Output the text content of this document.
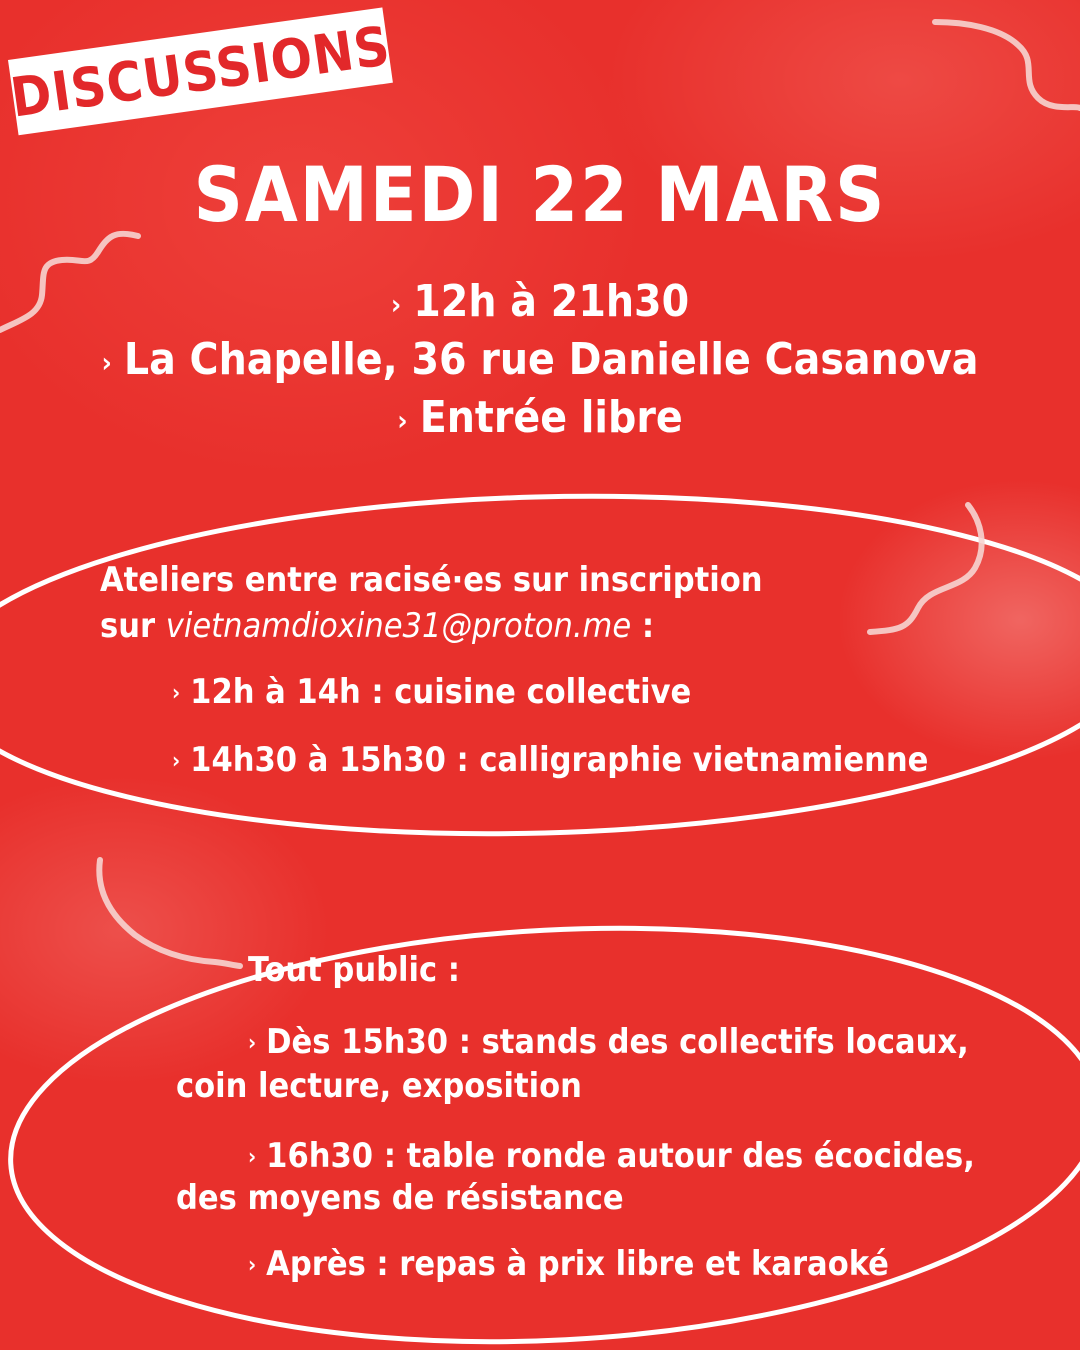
DISCUSSIONS
SAMEDI 22 MARS
› 12h à 21h30
› La Chapelle, 36 rue Danielle Casanova
› Entrée libre
Ateliers entre racisé·es sur inscription
sur vietnamdioxine31@proton.me :
› 12h à 14h : cuisine collective
› 14h30 à 15h30 : calligraphie vietnamienne
Tout public :
› Dès 15h30 : stands des collectifs locaux,
coin lecture, exposition
› 16h30 : table ronde autour des écocides,
des moyens de résistance
› Après : repas à prix libre et karaoké
